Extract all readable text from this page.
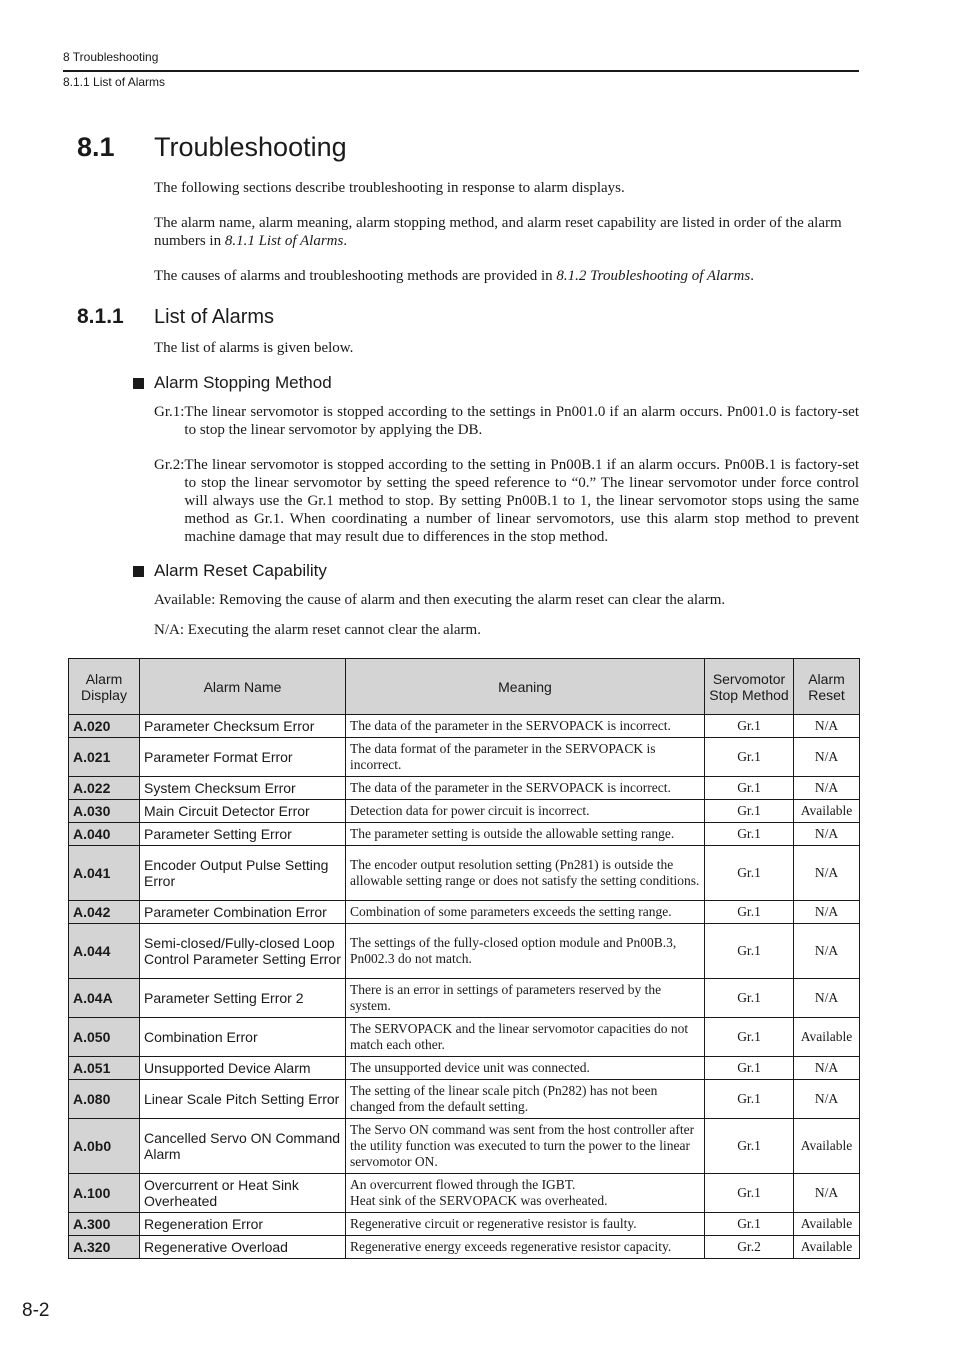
8 Troubleshooting
8.1.1 List of Alarms
8.1	Troubleshooting
The following sections describe troubleshooting in response to alarm displays.
The alarm name, alarm meaning, alarm stopping method, and alarm reset capability are listed in order of the alarm numbers in 8.1.1 List of Alarms.
The causes of alarms and troubleshooting methods are provided in 8.1.2 Troubleshooting of Alarms.
8.1.1	List of Alarms
The list of alarms is given below.
Alarm Stopping Method
Gr.1: The linear servomotor is stopped according to the settings in Pn001.0 if an alarm occurs. Pn001.0 is factory-set to stop the linear servomotor by applying the DB.
Gr.2: The linear servomotor is stopped according to the setting in Pn00B.1 if an alarm occurs. Pn00B.1 is factory-set to stop the linear servomotor by setting the speed reference to “0.” The linear servomotor under force control will always use the Gr.1 method to stop. By setting Pn00B.1 to 1, the linear servomotor stops using the same method as Gr.1. When coordinating a number of linear servomotors, use this alarm stop method to prevent machine damage that may result due to differences in the stop method.
Alarm Reset Capability
Available: Removing the cause of alarm and then executing the alarm reset can clear the alarm.
N/A: Executing the alarm reset cannot clear the alarm.
Alarm Display	Alarm Name	Meaning	Servomotor Stop Method	Alarm Reset
A.020	Parameter Checksum Error	The data of the parameter in the SERVOPACK is incorrect.	Gr.1	N/A
A.021	Parameter Format Error	The data format of the parameter in the SERVOPACK is incorrect.	Gr.1	N/A
A.022	System Checksum Error	The data of the parameter in the SERVOPACK is incorrect.	Gr.1	N/A
A.030	Main Circuit Detector Error	Detection data for power circuit is incorrect.	Gr.1	Available
A.040	Parameter Setting Error	The parameter setting is outside the allowable setting range.	Gr.1	N/A
A.041	Encoder Output Pulse Setting Error	The encoder output resolution setting (Pn281) is outside the allowable setting range or does not satisfy the setting conditions.	Gr.1	N/A
A.042	Parameter Combination Error	Combination of some parameters exceeds the setting range.	Gr.1	N/A
A.044	Semi-closed/Fully-closed Loop Control Parameter Setting Error	The settings of the fully-closed option module and Pn00B.3, Pn002.3 do not match.	Gr.1	N/A
A.04A	Parameter Setting Error 2	There is an error in settings of parameters reserved by the system.	Gr.1	N/A
A.050	Combination Error	The SERVOPACK and the linear servomotor capacities do not match each other.	Gr.1	Available
A.051	Unsupported Device Alarm	The unsupported device unit was connected.	Gr.1	N/A
A.080	Linear Scale Pitch Setting Error	The setting of the linear scale pitch (Pn282) has not been changed from the default setting.	Gr.1	N/A
A.0b0	Cancelled Servo ON Command Alarm	The Servo ON command was sent from the host controller after the utility function was executed to turn the power to the linear servomotor ON.	Gr.1	Available
A.100	Overcurrent or Heat Sink Overheated	An overcurrent flowed through the IGBT.
Heat sink of the SERVOPACK was overheated.	Gr.1	N/A
A.300	Regeneration Error	Regenerative circuit or regenerative resistor is faulty.	Gr.1	Available
A.320	Regenerative Overload	Regenerative energy exceeds regenerative resistor capacity.	Gr.2	Available
8-2
